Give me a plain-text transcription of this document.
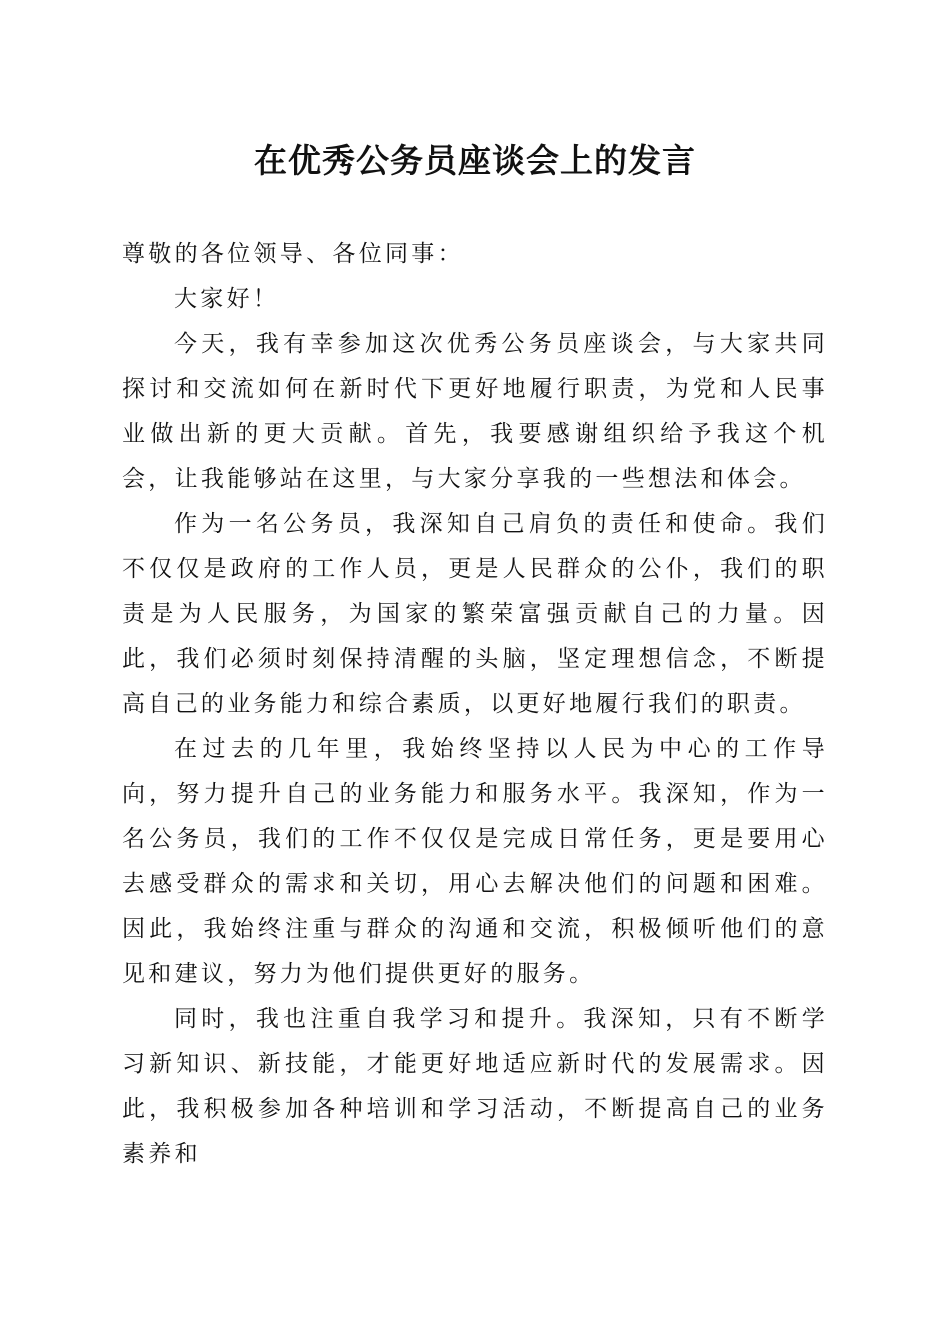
在优秀公务员座谈会上的发言

尊敬的各位领导、各位同事：

大家好！

今天，我有幸参加这次优秀公务员座谈会，与大家共同探讨和交流如何在新时代下更好地履行职责，为党和人民事业做出新的更大贡献。首先，我要感谢组织给予我这个机会，让我能够站在这里，与大家分享我的一些想法和体会。

作为一名公务员，我深知自己肩负的责任和使命。我们不仅仅是政府的工作人员，更是人民群众的公仆，我们的职责是为人民服务，为国家的繁荣富强贡献自己的力量。因此，我们必须时刻保持清醒的头脑，坚定理想信念，不断提高自己的业务能力和综合素质，以更好地履行我们的职责。

在过去的几年里，我始终坚持以人民为中心的工作导向，努力提升自己的业务能力和服务水平。我深知，作为一名公务员，我们的工作不仅仅是完成日常任务，更是要用心去感受群众的需求和关切，用心去解决他们的问题和困难。因此，我始终注重与群众的沟通和交流，积极倾听他们的意见和建议，努力为他们提供更好的服务。

同时，我也注重自我学习和提升。我深知，只有不断学习新知识、新技能，才能更好地适应新时代的发展需求。因此，我积极参加各种培训和学习活动，不断提高自己的业务素养和
